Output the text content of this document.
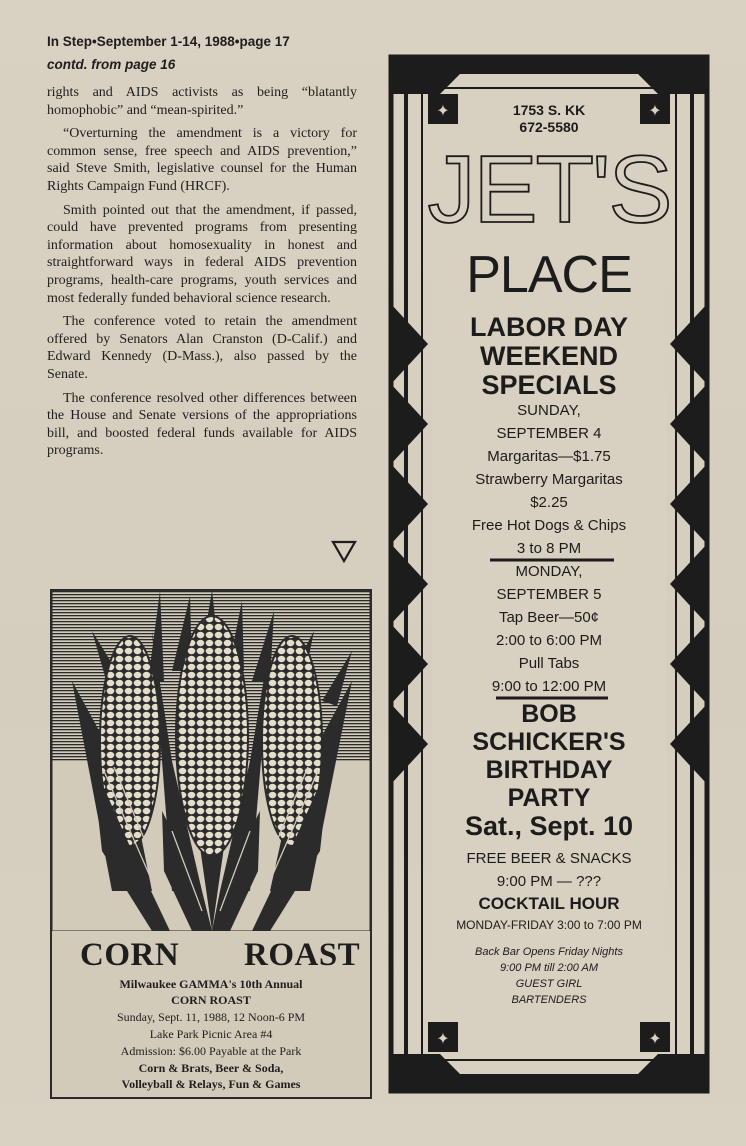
In Step•September 1-14, 1988•page 17
contd. from page 16

rights and AIDS activists as being “blatantly homophobic” and “mean-spirited.”

“Overturning the amendment is a victory for common sense, free speech and AIDS prevention,” said Steve Smith, legislative counsel for the Human Rights Campaign Fund (HRCF).

Smith pointed out that the amendment, if passed, could have prevented programs from presenting information about homosexuality in honest and straightforward ways in federal AIDS prevention programs, health-care programs, youth services and most federally funded behavioral science research.

The conference voted to retain the amendment offered by Senators Alan Cranston (D-Calif.) and Edward Kennedy (D-Mass.), also passed by the Senate.

The conference resolved other differences between the House and Senate versions of the appropriations bill, and boosted federal funds available for AIDS programs.

CORN ROAST
Milwaukee GAMMA's 10th Annual
CORN ROAST
Sunday, Sept. 11, 1988, 12 Noon-6 PM
Lake Park Picnic Area #4
Admission: $6.00 Payable at the Park
Corn & Brats, Beer & Soda,
Volleyball & Relays, Fun & Games
✦	✦
✦	✦
1753 S. KK
672-5580
JET'S
PLACE
LABOR DAY
WEEKEND
SPECIALS
SUNDAY,
SEPTEMBER 4
Margaritas—$1.75
Strawberry Margaritas
$2.25
Free Hot Dogs & Chips
3 to 8 PM
MONDAY,
SEPTEMBER 5
Tap Beer—50¢
2:00 to 6:00 PM
Pull Tabs
9:00 to 12:00 PM
BOB
SCHICKER'S
BIRTHDAY
PARTY
Sat., Sept. 10
FREE BEER & SNACKS
9:00 PM — ???
COCKTAIL HOUR
MONDAY-FRIDAY 3:00 to 7:00 PM
Back Bar Opens Friday Nights
9:00 PM till 2:00 AM
GUEST GIRL
BARTENDERS
